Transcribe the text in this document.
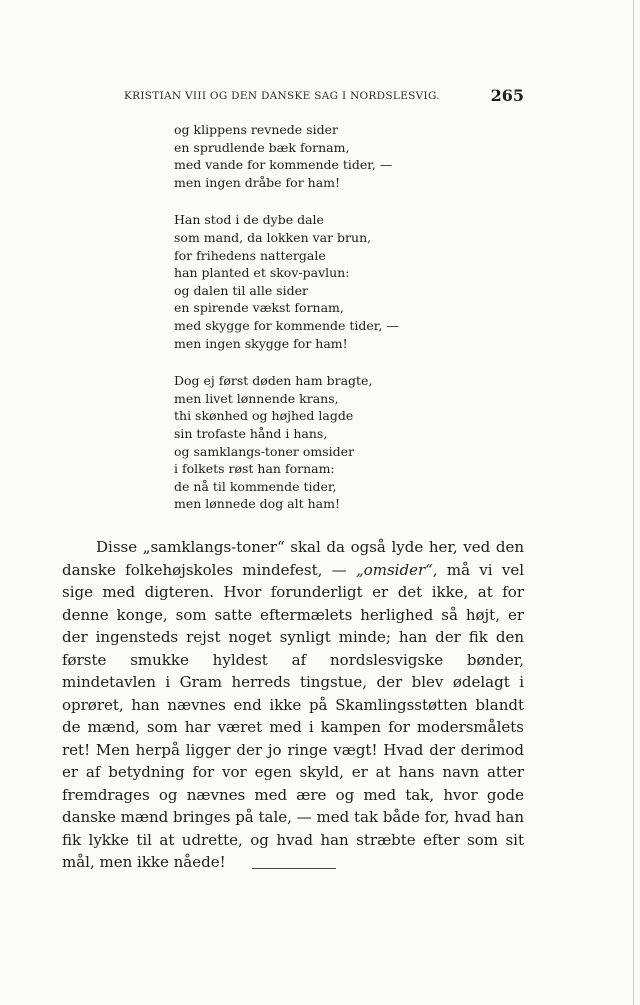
KRISTIAN VIII OG DEN DANSKE SAG I NORDSLESVIG.	265
og klippens revnede sider
en sprudlende bæk fornam,
med vande for kommende tider, —
men ingen dråbe for ham!
Han stod i de dybe dale
som mand, da lokken var brun,
for frihedens nattergale
han planted et skov-pavlun:
og dalen til alle sider
en spirende vækst fornam,
med skygge for kommende tider, —
men ingen skygge for ham!
Dog ej først døden ham bragte,
men livet lønnende krans,
thi skønhed og højhed lagde
sin trofaste hånd i hans,
og samklangs-toner omsider
i folkets røst han fornam:
de nå til kommende tider,
men lønnede dog alt ham!

Disse „samklangs-toner“ skal da også lyde her, ved den danske folkehøjskoles mindefest, — „omsider“, må vi vel sige med digteren. Hvor forunderligt er det ikke, at for denne konge, som satte eftermælets herlighed så højt, er der ingensteds rejst noget synligt minde; han der fik den første smukke hyldest af nordslesvigske bønder, mindetavlen i Gram herreds tingstue, der blev ødelagt i oprøret, han nævnes end ikke på Skamlingsstøtten blandt de mænd, som har været med i kampen for modersmålets ret! Men herpå ligger der jo ringe vægt! Hvad der derimod er af betydning for vor egen skyld, er at hans navn atter fremdrages og nævnes med ære og med tak, hvor gode danske mænd bringes på tale, — med tak både for, hvad han fik lykke til at udrette, og hvad han stræbte efter som sit mål, men ikke nåede!
